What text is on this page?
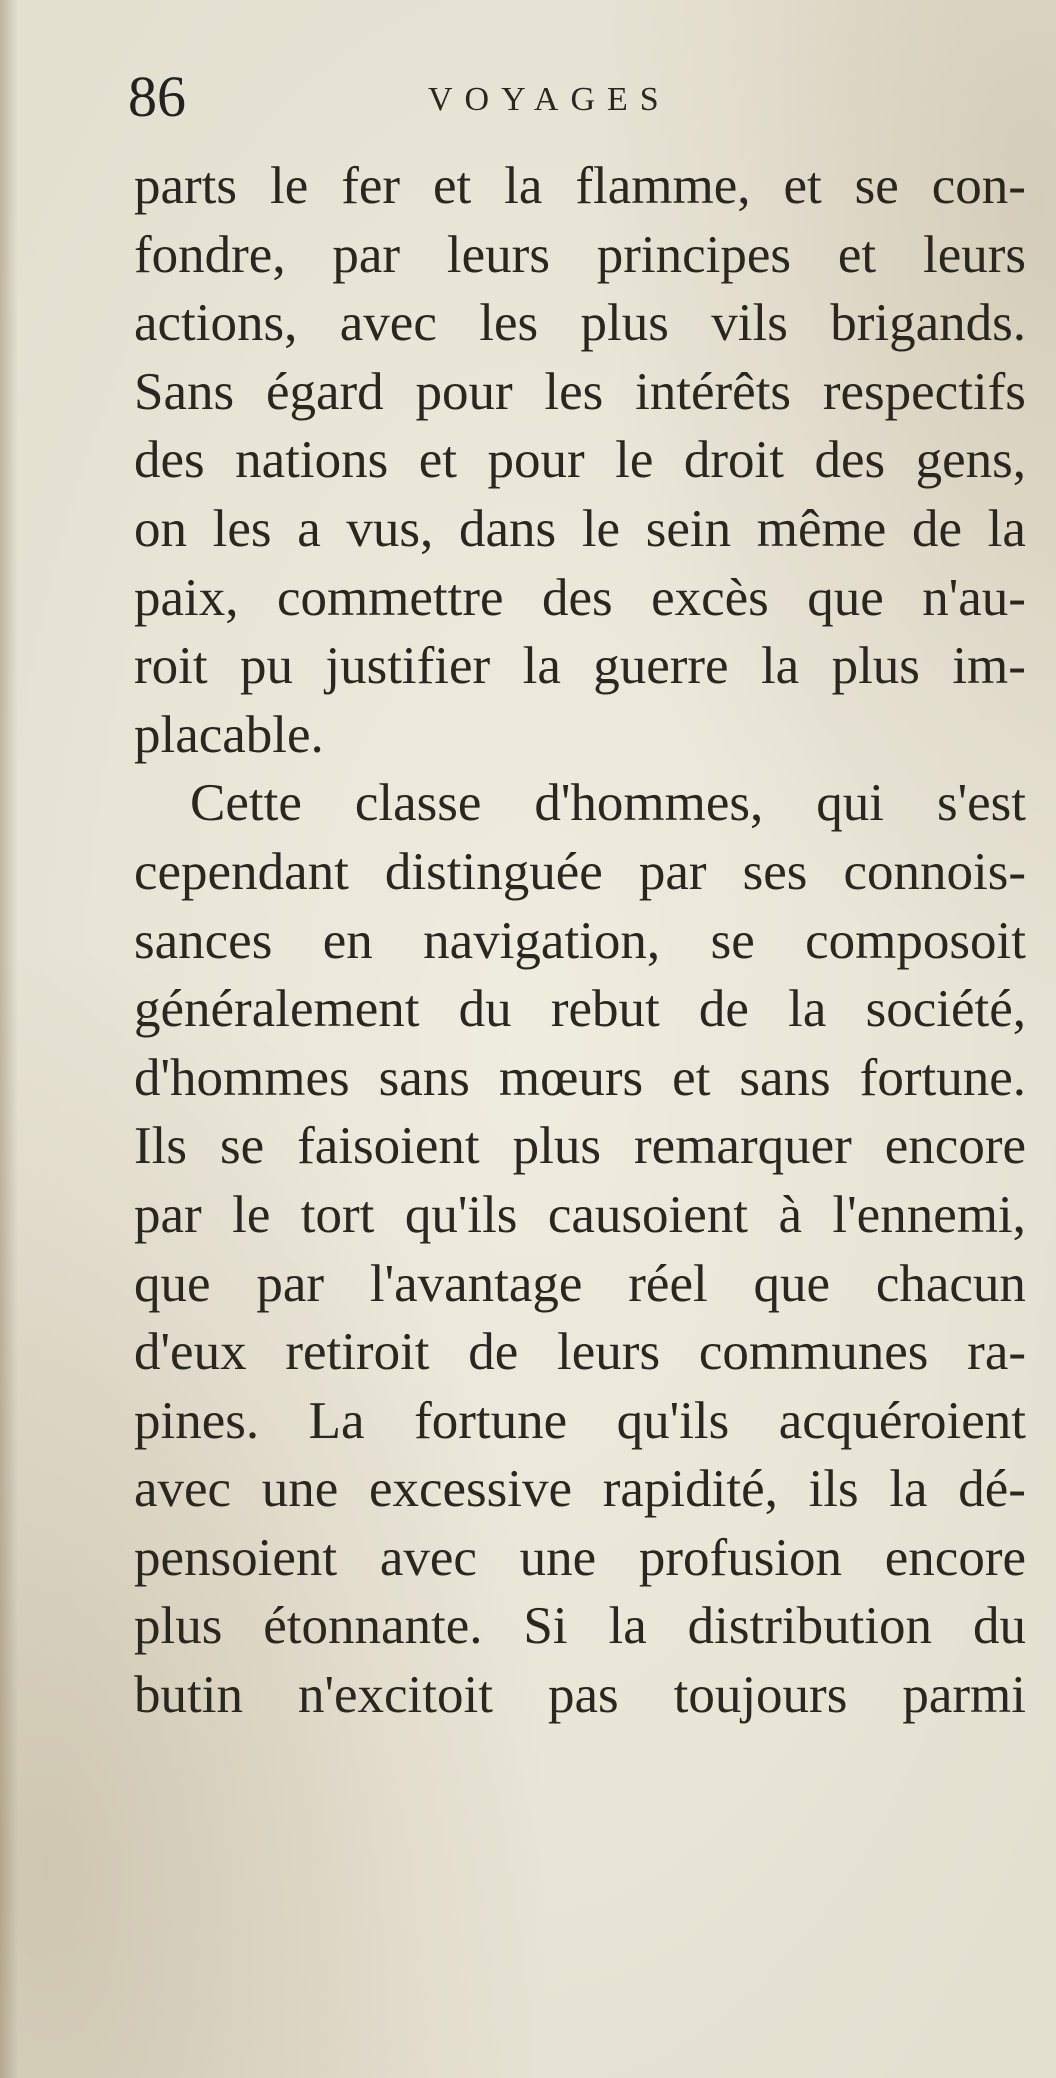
86	VOYAGES
parts le fer et la flamme, et se con-
fondre, par leurs principes et leurs
actions, avec les plus vils brigands.
Sans égard pour les intérêts respectifs
des nations et pour le droit des gens,
on les a vus, dans le sein même de la
paix, commettre des excès que n'au-
roit pu justifier la guerre la plus im-
placable.
Cette classe d'hommes, qui s'est
cependant distinguée par ses connois-
sances en navigation, se composoit
généralement du rebut de la société,
d'hommes sans mœurs et sans fortune.
Ils se faisoient plus remarquer encore
par le tort qu'ils causoient à l'ennemi,
que par l'avantage réel que chacun
d'eux retiroit de leurs communes ra-
pines. La fortune qu'ils acquéroient
avec une excessive rapidité, ils la dé-
pensoient avec une profusion encore
plus étonnante. Si la distribution du
butin n'excitoit pas toujours parmi
